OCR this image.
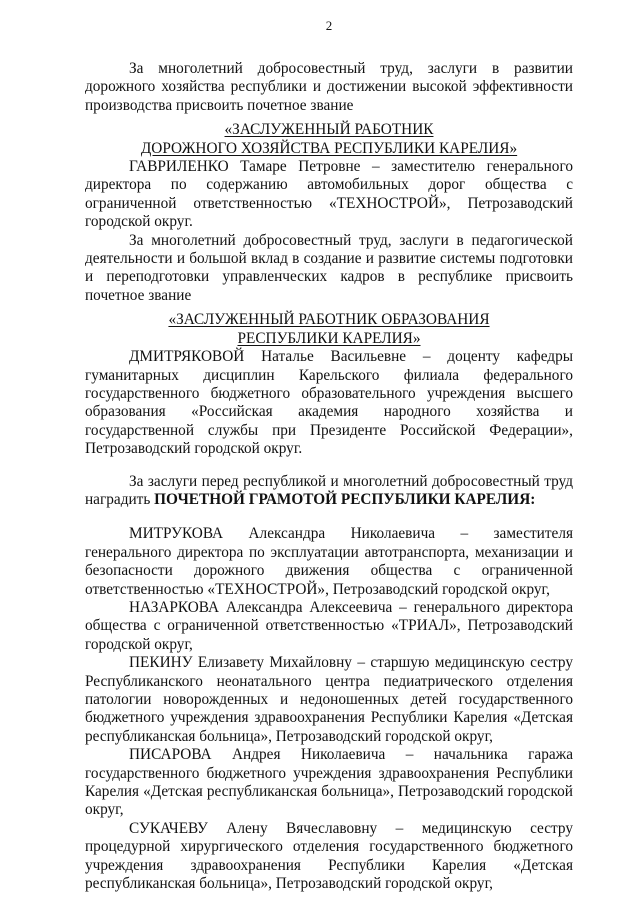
2

За многолетний добросовестный труд, заслуги в развитии дорожного хозяйства республики и достижении высокой эффективности производства присвоить почетное звание

«ЗАСЛУЖЕННЫЙ РАБОТНИК
ДОРОЖНОГО ХОЗЯЙСТВА РЕСПУБЛИКИ КАРЕЛИЯ»

ГАВРИЛЕНКО Тамаре Петровне – заместителю генерального директора по содержанию автомобильных дорог общества с ограниченной ответственностью «ТЕХНОСТРОЙ», Петрозаводский городской округ.

За многолетний добросовестный труд, заслуги в педагогической деятельности и большой вклад в создание и развитие системы подготовки и переподготовки управленческих кадров в республике присвоить почетное звание

«ЗАСЛУЖЕННЫЙ РАБОТНИК ОБРАЗОВАНИЯ
РЕСПУБЛИКИ КАРЕЛИЯ»

ДМИТРЯКОВОЙ Наталье Васильевне – доценту кафедры гуманитарных дисциплин Карельского филиала федерального государственного бюджетного образовательного учреждения высшего образования «Российская академия народного хозяйства и государственной службы при Президенте Российской Федерации», Петрозаводский городской округ.

За заслуги перед республикой и многолетний добросовестный труд наградить ПОЧЕТНОЙ ГРАМОТОЙ РЕСПУБЛИКИ КАРЕЛИЯ:

МИТРУКОВА Александра Николаевича – заместителя генерального директора по эксплуатации автотранспорта, механизации и безопасности дорожного движения общества с ограниченной ответственностью «ТЕХНОСТРОЙ», Петрозаводский городской округ,

НАЗАРКОВА Александра Алексеевича – генерального директора общества с ограниченной ответственностью «ТРИАЛ», Петрозаводский городской округ,

ПЕКИНУ Елизавету Михайловну – старшую медицинскую сестру Республиканского неонатального центра педиатрического отделения патологии новорожденных и недоношенных детей государственного бюджетного учреждения здравоохранения Республики Карелия «Детская республиканская больница», Петрозаводский городской округ,

ПИСАРОВА Андрея Николаевича – начальника гаража государственного бюджетного учреждения здравоохранения Республики Карелия «Детская республиканская больница», Петрозаводский городской округ,

СУКАЧЕВУ Алену Вячеславовну – медицинскую сестру процедурной хирургического отделения государственного бюджетного учреждения здравоохранения Республики Карелия «Детская республиканская больница», Петрозаводский городской округ,
